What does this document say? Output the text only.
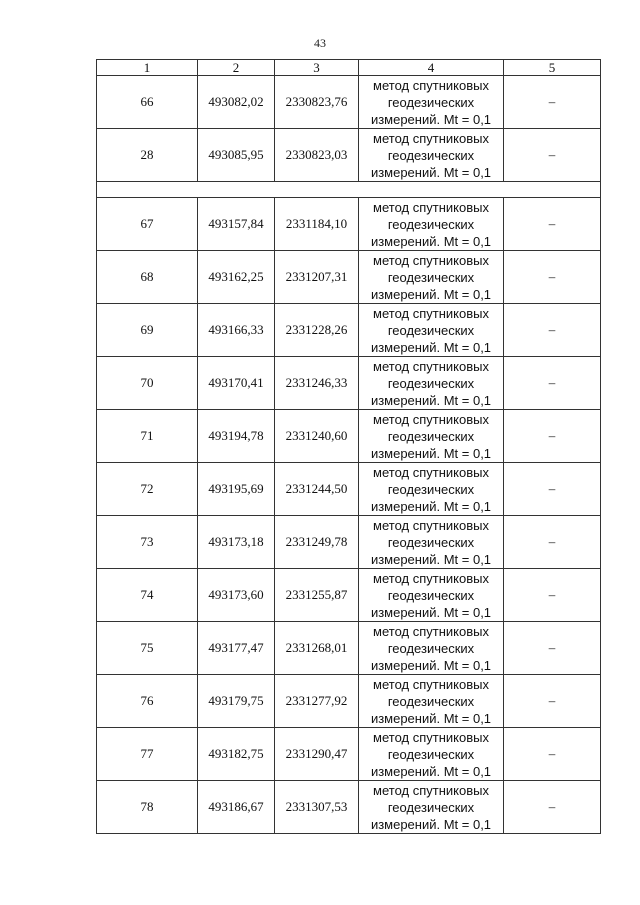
43
1	2	3	4	5
66	493082,02	2330823,76	метод спутниковых
геодезических
измерений. Mt = 0,1	–
28	493085,95	2330823,03	метод спутниковых
геодезических
измерений. Mt = 0,1	–

67	493157,84	2331184,10	метод спутниковых
геодезических
измерений. Mt = 0,1	–
68	493162,25	2331207,31	метод спутниковых
геодезических
измерений. Mt = 0,1	–
69	493166,33	2331228,26	метод спутниковых
геодезических
измерений. Mt = 0,1	–
70	493170,41	2331246,33	метод спутниковых
геодезических
измерений. Mt = 0,1	–
71	493194,78	2331240,60	метод спутниковых
геодезических
измерений. Mt = 0,1	–
72	493195,69	2331244,50	метод спутниковых
геодезических
измерений. Mt = 0,1	–
73	493173,18	2331249,78	метод спутниковых
геодезических
измерений. Mt = 0,1	–
74	493173,60	2331255,87	метод спутниковых
геодезических
измерений. Mt = 0,1	–
75	493177,47	2331268,01	метод спутниковых
геодезических
измерений. Mt = 0,1	–
76	493179,75	2331277,92	метод спутниковых
геодезических
измерений. Mt = 0,1	–
77	493182,75	2331290,47	метод спутниковых
геодезических
измерений. Mt = 0,1	–
78	493186,67	2331307,53	метод спутниковых
геодезических
измерений. Mt = 0,1	–
